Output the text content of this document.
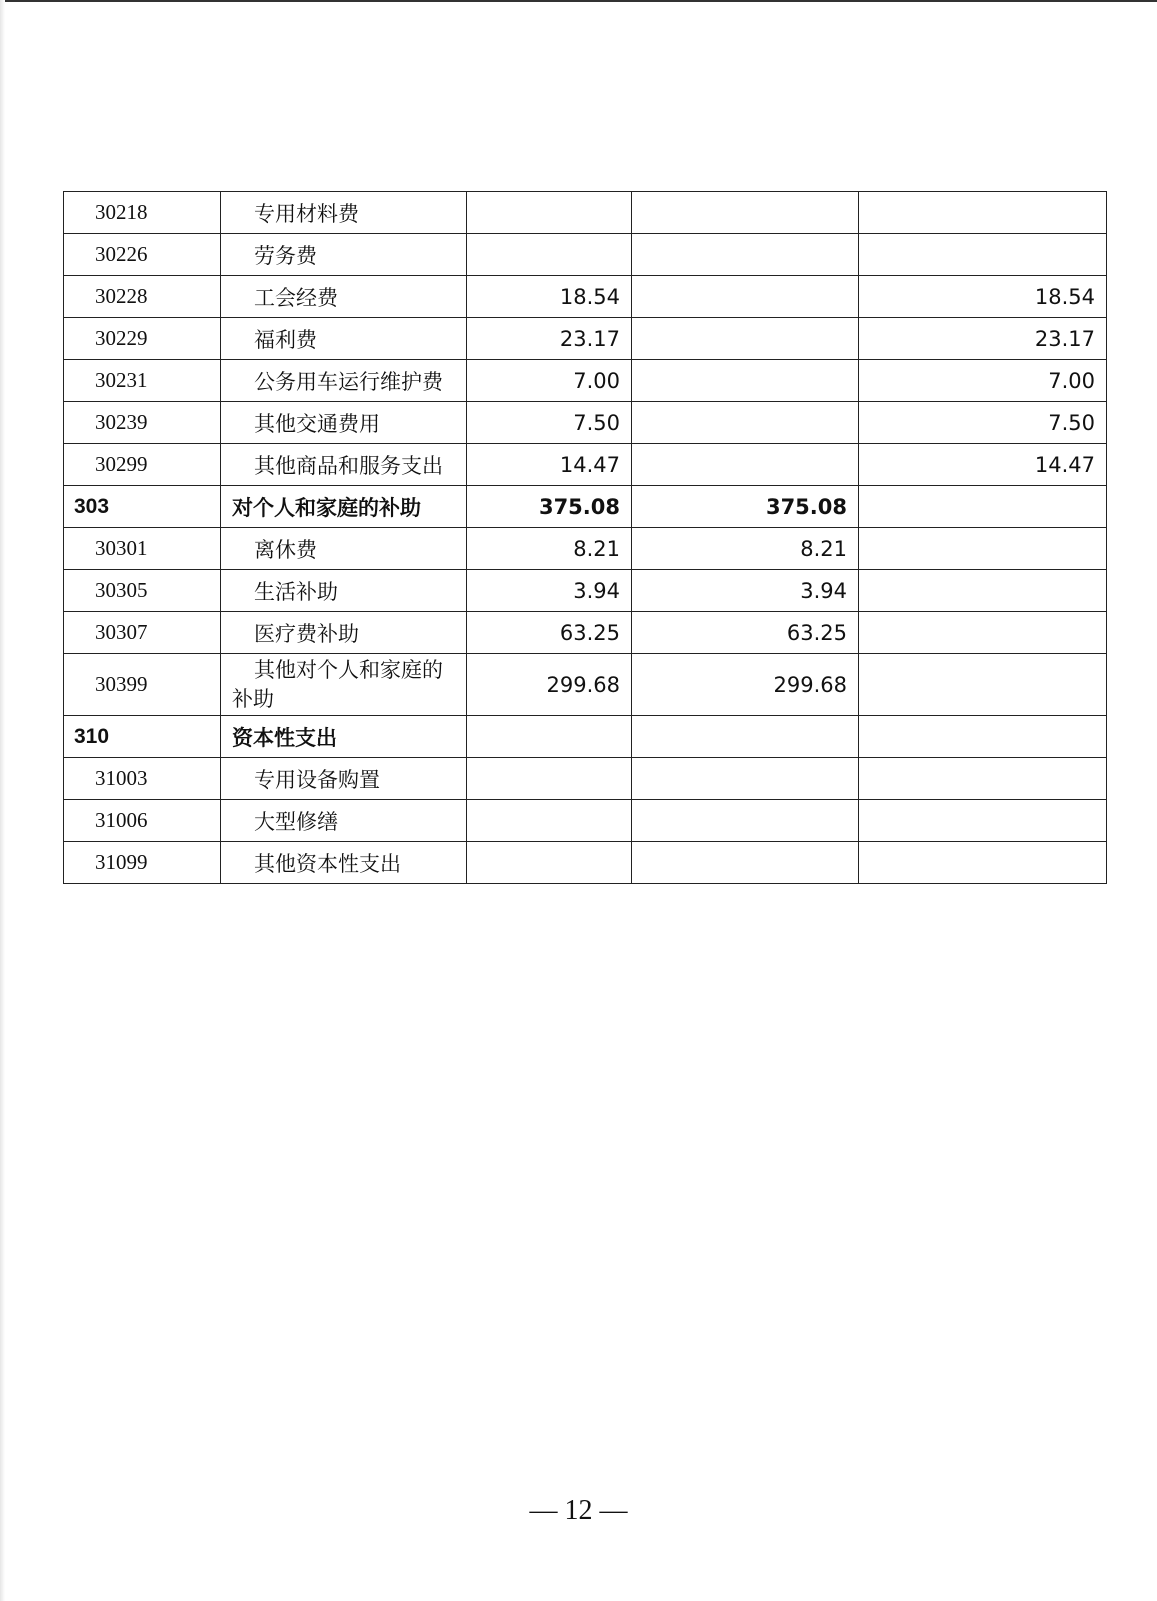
30218	专用材料费			
30226	劳务费			
30228	工会经费	18.54		18.54
30229	福利费	23.17		23.17
30231	公务用车运行维护费	7.00		7.00
30239	其他交通费用	7.50		7.50
30299	其他商品和服务支出	14.47		14.47
303	对个人和家庭的补助	375.08	375.08	
30301	离休费	8.21	8.21	
30305	生活补助	3.94	3.94	
30307	医疗费补助	63.25	63.25	
30399	其他对个人和家庭的
补助	299.68	299.68	
310	资本性支出			
31003	专用设备购置			
31006	大型修缮			
31099	其他资本性支出			
— 12 —
